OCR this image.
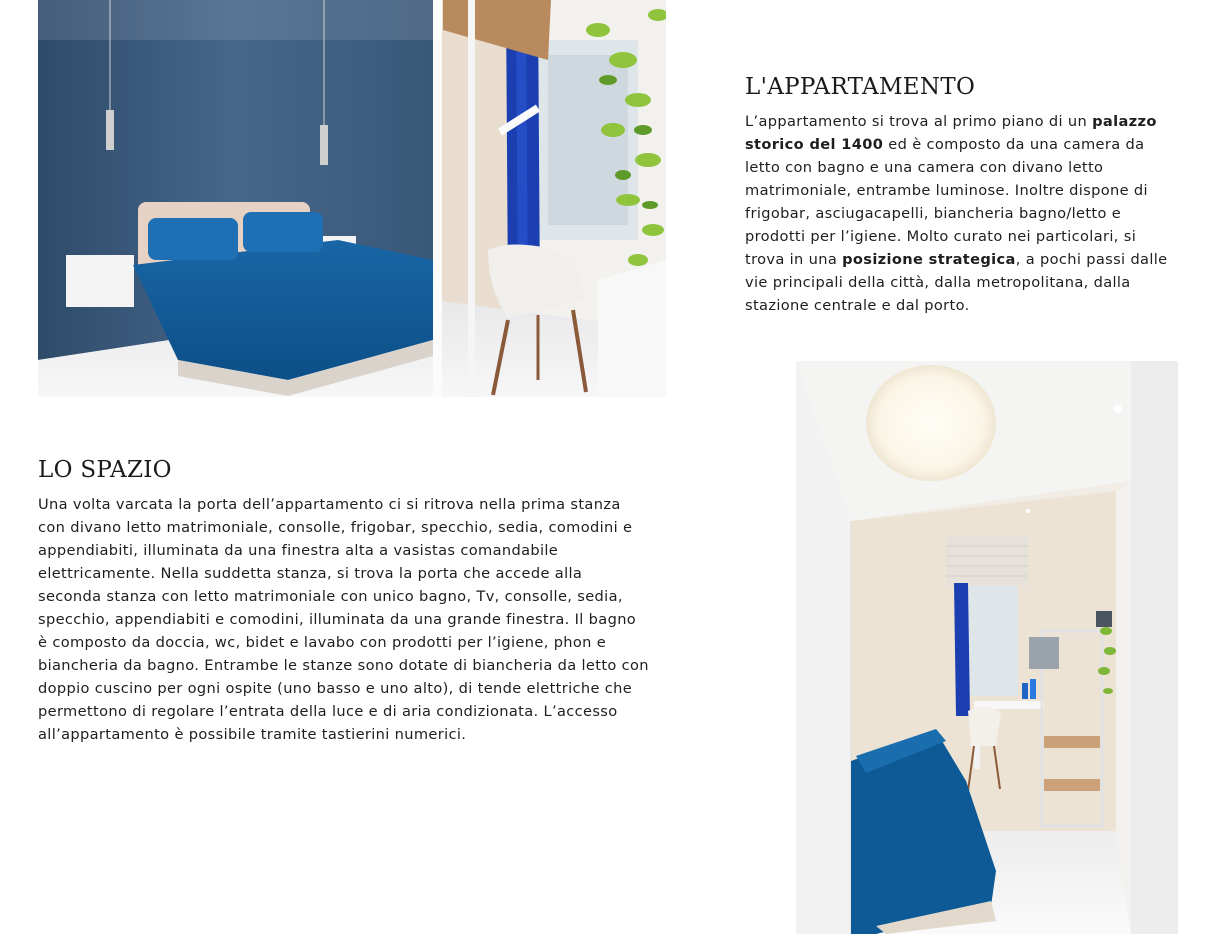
L'APPARTAMENTO

L’appartamento si trova al primo piano di un palazzo storico del 1400 ed è composto da una camera da letto con bagno e una camera con divano letto matrimoniale, entrambe luminose. Inoltre dispone di frigobar, asciugacapelli, biancheria bagno/letto e prodotti per l’igiene. Molto curato nei particolari, si trova in una posizione strategica, a pochi passi dalle vie principali della città, dalla metropolitana, dalla stazione centrale e dal porto.

LO SPAZIO

Una volta varcata la porta dell’appartamento ci si ritrova nella prima stanza con divano letto matrimoniale, consolle, frigobar, specchio, sedia, comodini e appendiabiti, illuminata da una finestra alta a vasistas comandabile elettricamente. Nella suddetta stanza, si trova la porta che accede alla seconda stanza con letto matrimoniale con unico bagno, Tv, consolle, sedia, specchio, appendiabiti e comodini, illuminata da una grande finestra. Il bagno è composto da doccia, wc, bidet e lavabo con prodotti per l’igiene, phon e biancheria da bagno. Entrambe le stanze sono dotate di biancheria da letto con doppio cuscino per ogni ospite (uno basso e uno alto), di tende elettriche che permettono di regolare l’entrata della luce e di aria condizionata. L’accesso all’appartamento è possibile tramite tastierini numerici.
